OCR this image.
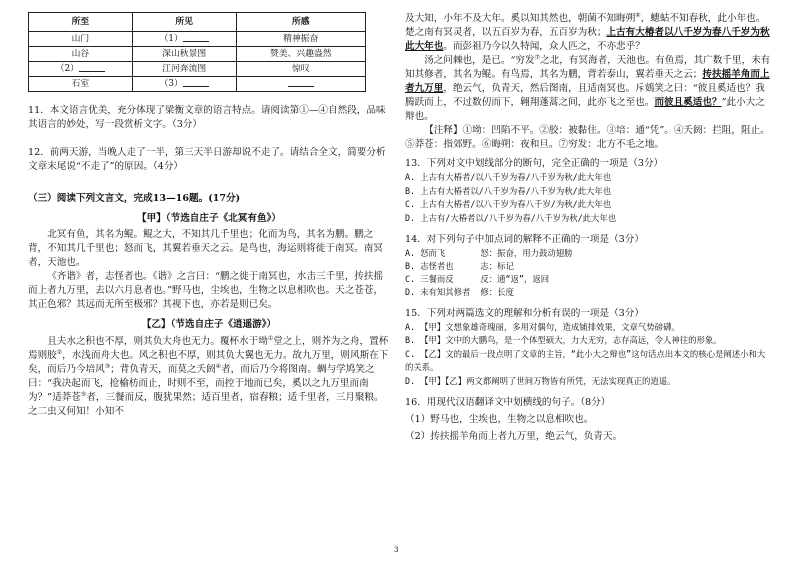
所至	所见	所感
山门	（1）	精神振奋
山谷	深山秋景图	赞美、兴趣盎然
（2）	江河奔流图	惊叹
石室	（3）	

11．本文语言优美，充分体现了梁衡文章的语言特点。请阅读第①—④自然段，品味其语言的妙处，写一段赏析文字。（3分）

12．前两天游，当晚人走了一半，第三天半日游却说不走了。请结合全文，简要分析文章末尾说“不走了”的原因。（4分）

（三）阅读下列文言文，完成13—16题。(17分)

【甲】（节选自庄子《北冥有鱼》）

北冥有鱼，其名为鲲。鲲之大，不知其几千里也；化而为鸟，其名为鹏。鹏之背，不知其几千里也；怒而飞，其翼若垂天之云。是鸟也，海运则将徙于南冥。南冥者，天池也。

《齐谐》者，志怪者也。《谐》之言曰：“鹏之徙于南冥也，水击三千里，抟扶摇而上者九万里，去以六月息者也。”野马也，尘埃也，生物之以息相吹也。天之苍苍，其正色邪？其远而无所至极邪？其视下也，亦若是则已矣。

【乙】（节选自庄子《逍遥游》）

且夫水之积也不厚，则其负大舟也无力。覆杯水于坳①堂之上，则芥为之舟，置杯焉则胶②，水浅而舟大也。风之积也不厚，则其负大翼也无力。故九万里，则风斯在下矣，而后乃今培风③；背负青天，而莫之夭阏④者，而后乃今将图南。蜩与学鸠笑之曰：“我决起而飞，抢榆枋而止，时则不至，而控于地而已矣，奚以之九万里而南为？”适莽苍⑤者，三餐而反，腹犹果然；适百里者，宿舂粮；适千里者，三月聚粮。之二虫又何知！小知不

及大知，小年不及大年。奚以知其然也，朝菌不知晦朔⑥，蟪蛄不知春秋，此小年也。楚之南有冥灵者，以五百岁为春，五百岁为秋；上古有大椿者以八千岁为春八千岁为秋此大年也。而彭祖乃今以久特闻，众人匹之，不亦悲乎？

汤之问棘也，是已。“穷发⑦之北，有冥海者，天池也。有鱼焉，其广数千里，未有知其修者，其名为鲲。有鸟焉，其名为鹏，背若泰山，翼若垂天之云；抟扶摇羊角而上者九万里，绝云气，负青天，然后图南，且适南冥也。斥鴳笑之曰：“彼且奚适也？我腾跃而上，不过数仞而下，翱翔蓬蒿之间，此亦飞之至也。而彼且奚适也？”此小大之辩也。

【注释】①坳：凹陷不平。②胶：被黏住。③培：通“凭”。④夭阏：拦阻，阻止。⑤莽苍：指郊野。⑥晦朔：夜和旦。⑦穷发：北方不毛之地。

13．下列对文中划线部分的断句，完全正确的一项是（3分）

A. 上古有大椿者/以八千岁为春/八千岁为秋/此大年也
B. 上古有大椿者以/八千岁为春/八千岁为秋/此大年也
C. 上古有大椿者/以八千岁为春八千岁/为秋/此大年也
D. 上古有/大椿者以/八千岁为春/八千岁为秋/此大年也

14．对下列句子中加点词的解释不正确的一项是（3分）

A. 怒而飞	怒：振奋，用力鼓动翅膀
B. 志怪者也	志：标记
C. 三餐而反	反：通“返”，返回
D. 未有知其修者	修：长度

15．下列对两篇选文的理解和分析有误的一项是（3分）

A. 【甲】文想象雄奇瑰丽，多用对偶句，造成铺排效果，文章气势磅礴。
B. 【甲】文中的大鹏鸟，是一个体型硕大，力大无穷，志存高远，令人神往的形象。
C. 【乙】文的最后一段点明了文章的主旨，“此小大之辩也”这句话点出本文的核心是阐述小和大的关系。
D. 【甲】【乙】两文都阐明了世间万物皆有所凭，无法实现真正的逍遥。

16．用现代汉语翻译文中划横线的句子。（8分）

（1）野马也，尘埃也，生物之以息相吹也。

（2）抟扶摇羊角而上者九万里，绝云气，负青天。

3
